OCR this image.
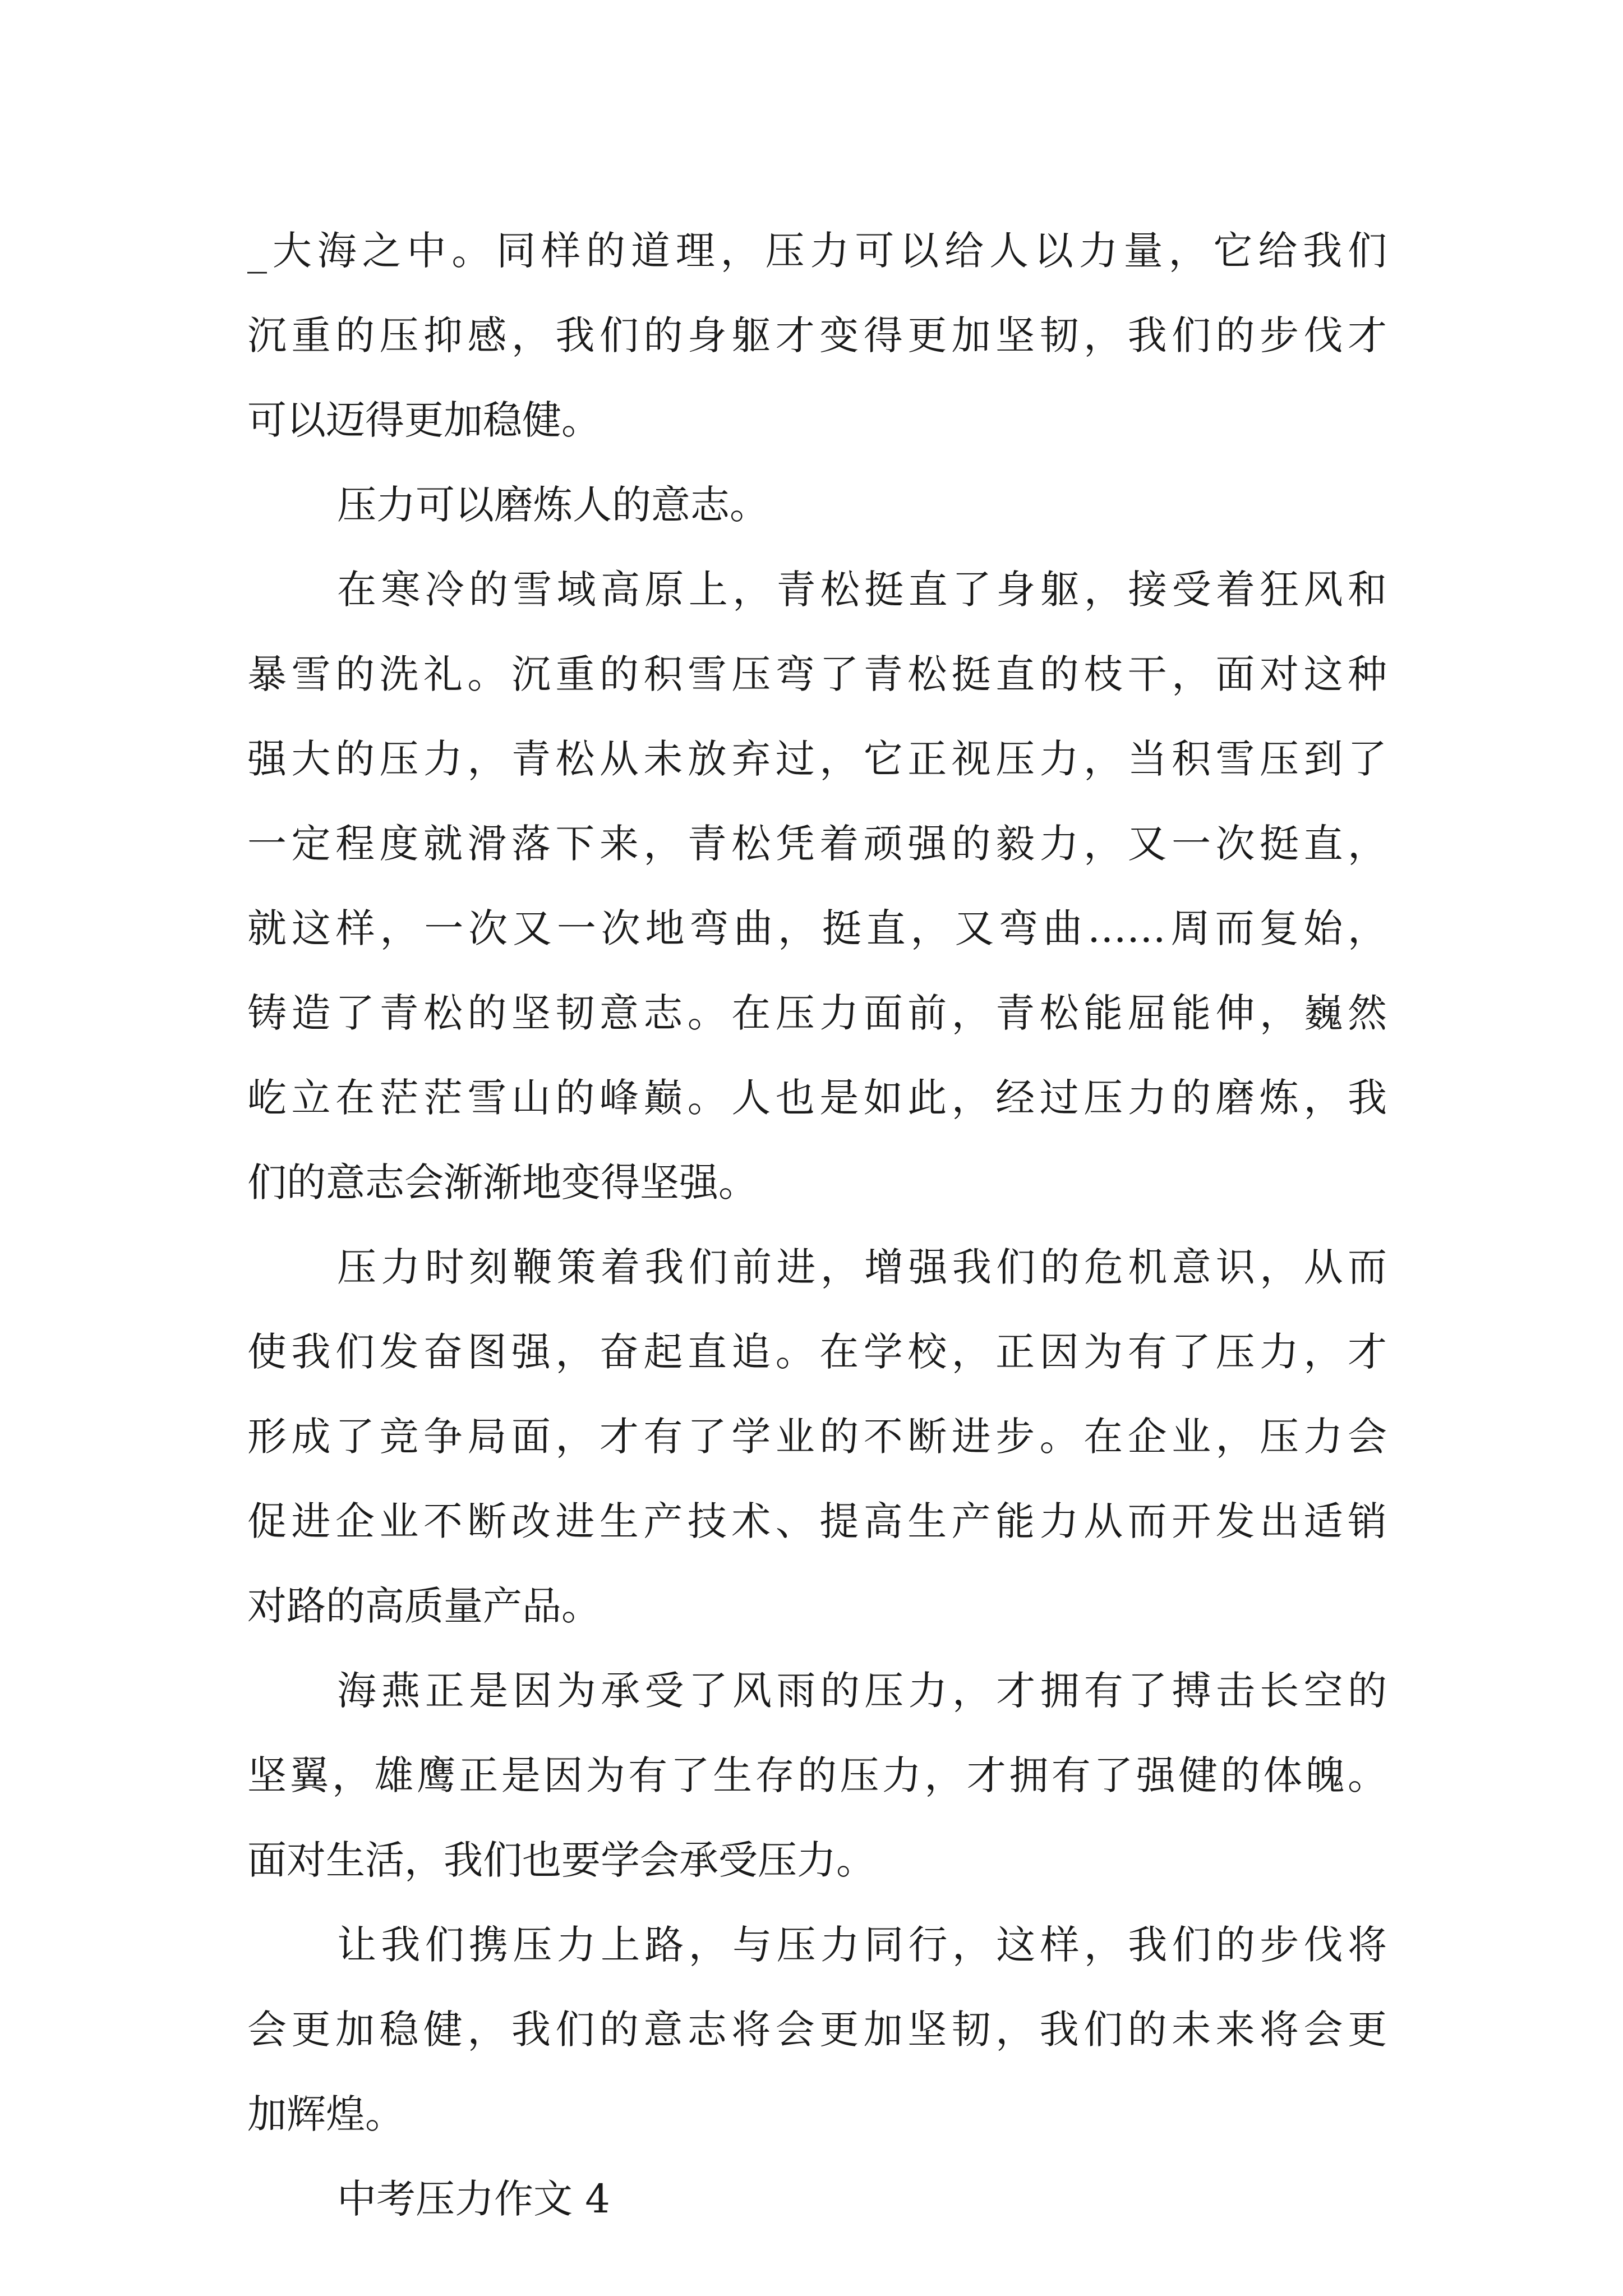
_大海之中。同样的道理，压力可以给人以力量，它给我们
沉重的压抑感，我们的身躯才变得更加坚韧，我们的步伐才
可以迈得更加稳健。
压力可以磨炼人的意志。
在寒冷的雪域高原上，青松挺直了身躯，接受着狂风和
暴雪的洗礼。沉重的积雪压弯了青松挺直的枝干，面对这种
强大的压力，青松从未放弃过，它正视压力，当积雪压到了
一定程度就滑落下来，青松凭着顽强的毅力，又一次挺直，
就这样，一次又一次地弯曲，挺直，又弯曲……周而复始，
铸造了青松的坚韧意志。在压力面前，青松能屈能伸，巍然
屹立在茫茫雪山的峰巅。人也是如此，经过压力的磨炼，我
们的意志会渐渐地变得坚强。
压力时刻鞭策着我们前进，增强我们的危机意识，从而
使我们发奋图强，奋起直追。在学校，正因为有了压力，才
形成了竞争局面，才有了学业的不断进步。在企业，压力会
促进企业不断改进生产技术、提高生产能力从而开发出适销
对路的高质量产品。
海燕正是因为承受了风雨的压力，才拥有了搏击长空的
坚翼，雄鹰正是因为有了生存的压力，才拥有了强健的体魄。
面对生活，我们也要学会承受压力。
让我们携压力上路，与压力同行，这样，我们的步伐将
会更加稳健，我们的意志将会更加坚韧，我们的未来将会更
加辉煌。
中考压力作文 4
